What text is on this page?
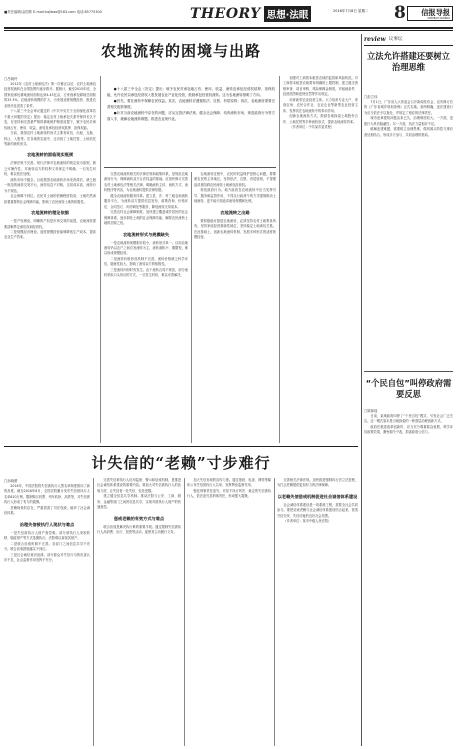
■责任编辑/金国栋 E-mail:hajibao@163.com 电话:85775300	THEORY 思想·法眼	2016年7月8日 星期二 8 信报导报
XINXIBAO DAOBAO
农地流转的困境与出路
□吕晓玲

2012年《农村土地承包法》第一次修正以后，农村土地承包经营权流转在全国范围内逐步推开。据统计，截至2015年底，全国家庭承包耕地流转面积达到4.43亿亩，占家庭承包耕地总面积的33.3%。农地流转规模的扩大，为发展适度规模经营、推进农业现代化创造了条件。

十八届三中全会审议通过的《中共中央关于全面深化改革若干重大问题的决定》提出：稳定农村土地承包关系并保持长久不变，在坚持和完善最严格的耕地保护制度前提下，赋予农民对承包地占有、使用、收益、流转及承包经营权抵押、担保权能。

当前，我国农村土地流转的形式主要有转包、出租、互换、转让、入股等。在各地的实践中，还出现了土地托管、土地信托等新的流转形式。

农地流转的面临现实瓶颈

法律法规不完善。现行法律对农地流转的规定较为原则，缺乏可操作性，对流转双方的权利义务规定不明确，一旦发生纠纷，难以依法处理。

流转市场不健全。目前我国农地流转市场发育滞后，缺乏统一规范的流转交易平台，流转信息不对称，交易成本高，流转行为不规范。

社会保障不到位。农民对土地的依赖程度较高，土地仍然承担着重要的社会保障功能，影响了农民流转土地的积极性。

农地流转的理论依据

一是产权理论。明晰的产权是市场交易的前提，农地流转需要清晰界定承包权和经营权。

二是规模经济理论。适度规模经营能够降低生产成本，提高农业生产效率。

●十八届三中全会《决定》提出：赋予农民对承包地占有、使用、收益、流转及承包经营权抵押、担保权能，允许农民以承包经营权入股发展农业产业化经营，鼓励承包经营权流转。这为农地流转指明了方向。

●首先，要在流转中保障农民权益。其次，农地流转应遵循依法、自愿、有偿原则；再次，农地流转需要完善相关配套制度。

●针对当前农地流转中存在的问题，应从完善法律法规、健全社会保障、培育流转市场、规范政府行为等方面入手，破解农地流转难题，推进农业现代化。

完善农地流转相关的法律法规和政策体系，是规范农地流转行为、保障流转双方合法权益的基础。应加快修订完善农村土地承包法等相关法律，明确流转主体、流转方式、流转程序等内容，为农地流转提供法律依据。

健全农地流转服务体系。建立县、乡、村三级农地流转服务平台，为流转双方提供信息发布、政策咨询、价格评估、合同签订、纠纷调处等服务，降低流转交易成本。

完善农村社会保障制度。加快建立覆盖城乡居民的社会保障体系，逐步弱化土地的社会保障功能，解除农民流转土地的后顾之忧。

农地流转形式与规模缺失

一是农地流转规模相对较小，流转形式单一。目前农地流转仍以农户之间自发流转为主，流转面积小、期限短，难以形成规模经营。

二是流转价格形成机制不完善。流转价格缺乏科学评估，随意性较大，影响了流转双方的积极性。

三是流转纠纷时有发生。由于流转合同不规范，部分流转采取口头协议的方式，一旦发生纠纷，难以妥善解决。

农地流转过程中，农民的权益保护是核心问题。要尊重农民的主体地位，坚持依法、自愿、有偿原则，不得强迫或者阻碍农民流转土地承包经营权。

规范政府行为。地方政府在农地流转中应当发挥引导、服务和监管作用，不得以行政命令的方式强制推动土地流转，更不能片面追求流转规模和比例。

农地流转之出路

要积极稳妥推进农地流转，必须坚持农村土地集体所有，坚持家庭经营基础性地位，坚持稳定土地承包关系。在此基础上，创新农地流转机制，发展多种形式的适度规模经营。

加强对工商资本租赁农地的监管和风险防范。对工商资本租赁农地要有明确的上限控制，建立健全资格审查、项目审核、风险保障金制度，对租地条件、经营范围和违规处罚等作出规定。

培育新型农业经营主体。大力培育专业大户、家庭农场、农民合作社、农业企业等新型农业经营主体，发挥其在农地流转中的带动作用。

创新农地流转方式。鼓励各地探索土地股份合作、土地托管等多种流转形式，提高农地流转效率。

（作者单位：中共某市委党校）

计失信的“老赖”寸步难行
□孙晓蕾

2016年，中国法院将失信被执行人黑名单制度推向了新的高度。截至2016年6月，全国法院累计发布失信被执行人名单610万例，限制购买机票、列车软卧、高铁等，对失信被执行人形成了有力的震慑。

老赖现象的存在，严重损害了司法权威，破坏了社会诚信体系。

治理失信被执行人现状与难点

一是失信被执行人财产查控难。部分被执行人采取转移、隐匿财产等方式逃避执行，法院难以查找其财产。

二是联合惩戒机制不完善。各部门之间信息共享不充分，联合惩戒措施落实不到位。

三是社会诚信意识淡薄。部分群众对失信行为的危害认识不足，社会监督作用发挥不充分。

完善失信被执行人信用监督、警示和惩戒机制，是推进社会诚信体系建设的重要内容。要加大对失信被执行人的惩戒力度，让失信者一处失信、处处受限。

建立健全信息共享机制。推动法院与公安、工商、税务、金融等部门之间的信息共享，实现对被执行人财产的快速查控。

惩戒老赖的有效方式与难点

联合惩戒是解决执行难的重要手段。通过限制失信被执行人高消费、出行、投资等活动，促使其主动履行义务。

加大失信惩戒的宣传力度。通过报纸、电视、网络等媒体公布失信被执行人名单，发挥舆论监督作用。

强化刑事责任追究。对拒不执行判决、裁定的失信被执行人，依法追究其刑事责任，形成强大震慑。

完善相关法律法规。加快推进强制执行法立法进程，为打击老赖提供更加有力的法律保障。

以老赖失信惩戒机制促进社会诚信体系建设

社会诚信体系建设是一项系统工程，需要全社会共同参与。要把惩戒老赖与社会诚信体系建设结合起来，营造守信光荣、失信可耻的良好社会氛围。

（作者单位：某市中级人民法院）

review 议事坛
立法允许搭建还要树立治理思维
□彭立伟

7月1日，广东省人大常委会召开新闻发布会，宣布修订后的《广东省城乡规划条例》正式实施。条例明确，违法建设行为应当依法予以查处，并规定了相应的法律责任。

城市违章建筑问题由来已久，治理难度较大。一方面，违建行为具有隐蔽性；另一方面，执法力量相对不足。

破解违建难题，需要树立治理思维，做到源头防控与事后查处相结合，形成多方参与、共同治理的格局。

“个民自包”叫停政府需要反思
□陈林瑶

日前，某地政府叫停了“个民自包”模式，引发社会广泛关注。这一模式原本是当地探索的一种基层治理创新方式。

政府在推进改革创新时，应当充分尊重群众意愿，科学评估政策效果，避免朝令夕改，损害政府公信力。
